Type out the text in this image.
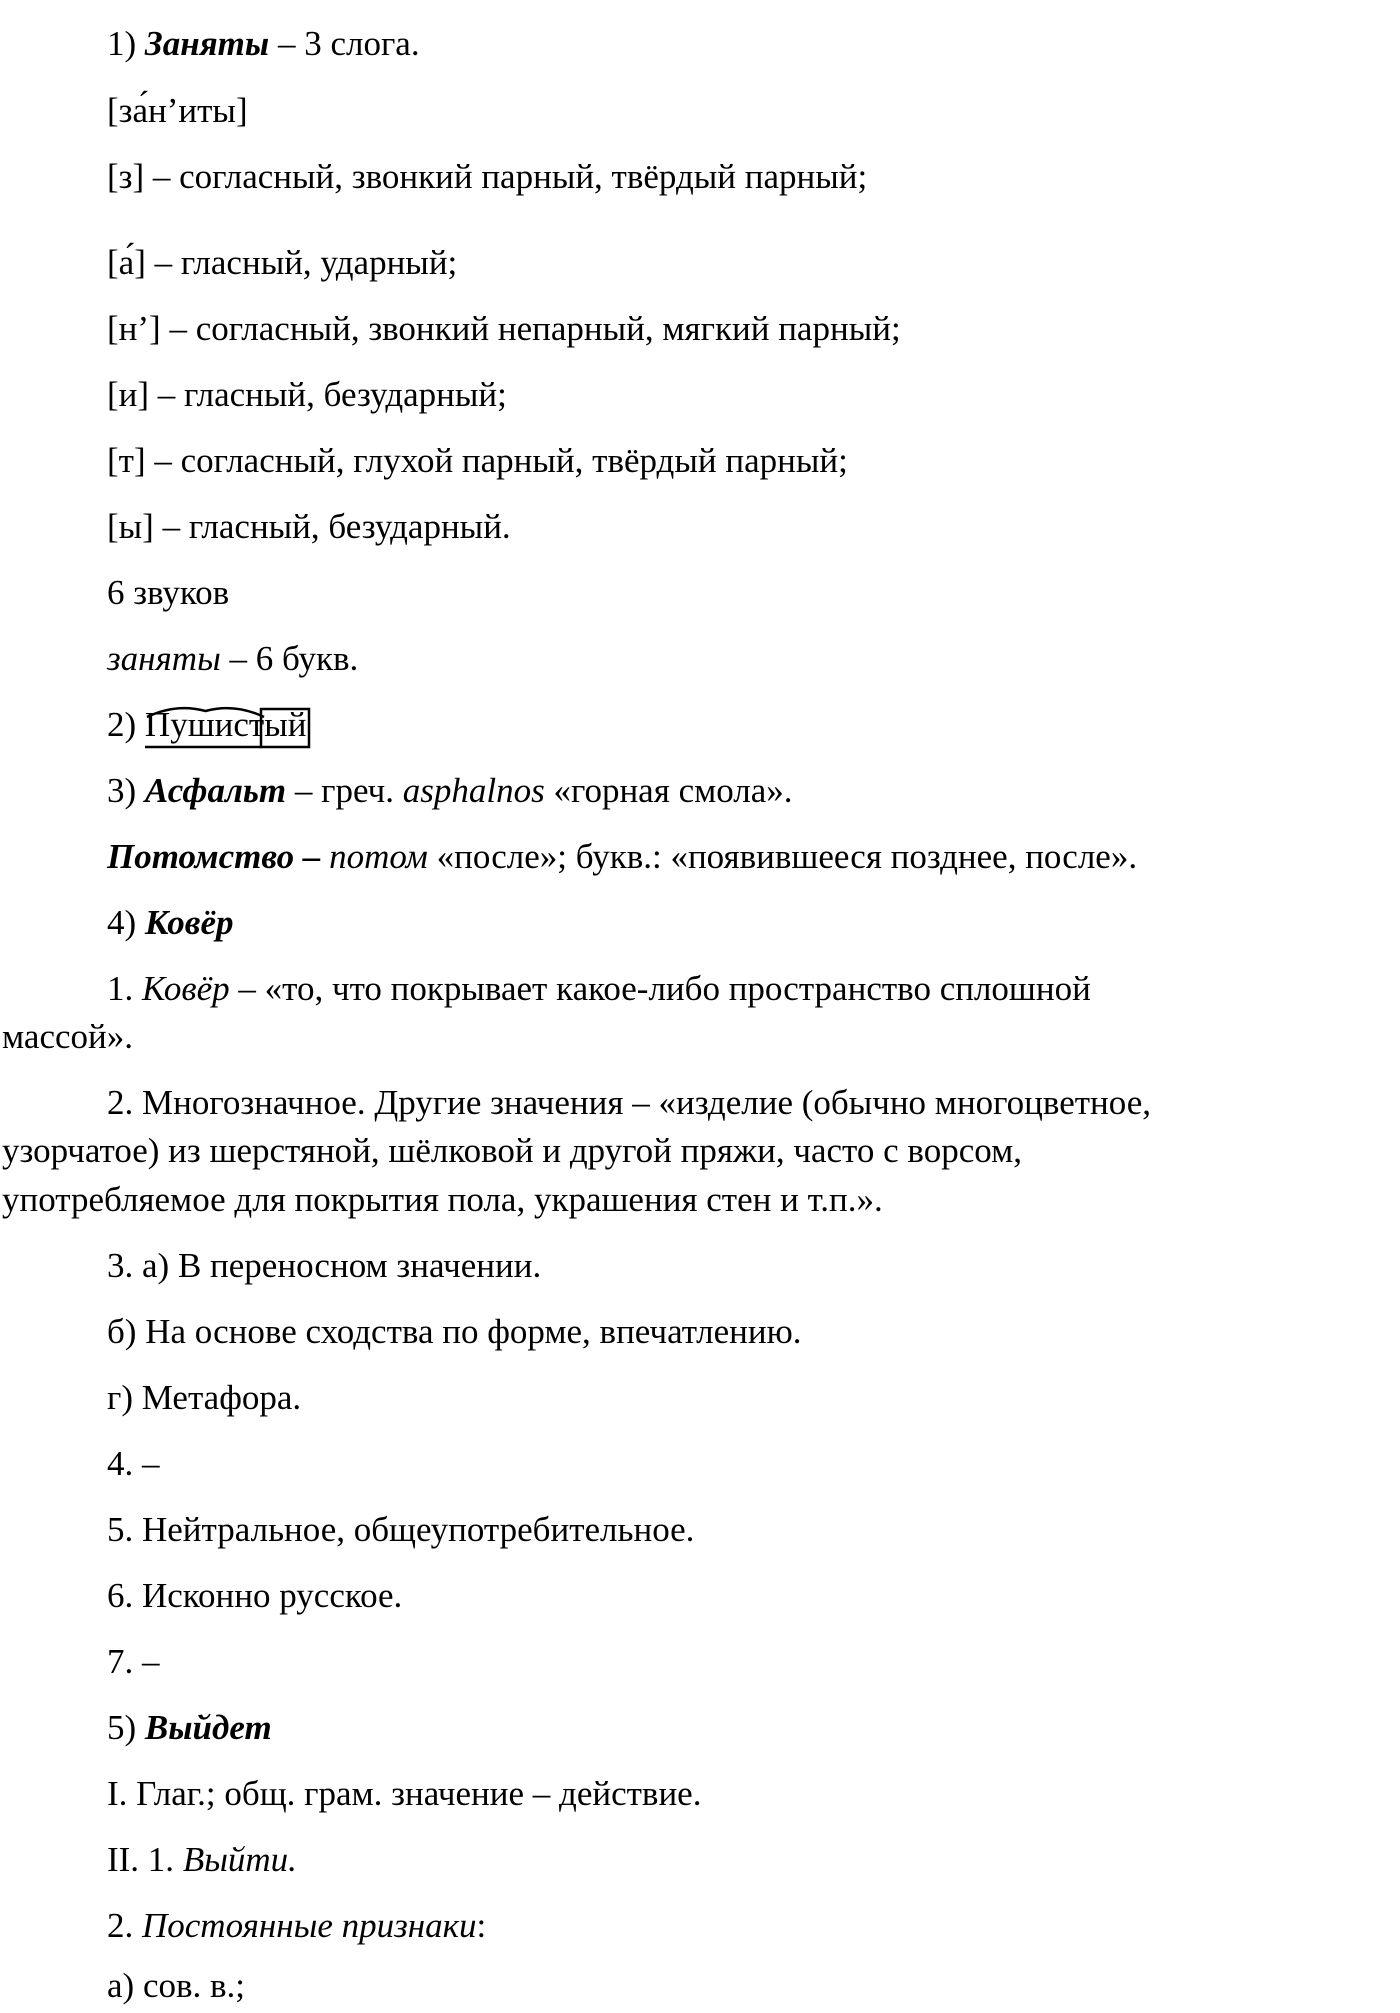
1) Заняты – 3 слога.
[за́н’иты]
[з] – согласный, звонкий парный, твёрдый парный;
[а́] – гласный, ударный;
[н’] – согласный, звонкий непарный, мягкий парный;
[и] – гласный, безударный;
[т] – согласный, глухой парный, твёрдый парный;
[ы] – гласный, безударный.
6 звуков
заняты – 6 букв.
2) Пушистый
3) Асфальт – греч. asphalnos «горная смола».
Потомство – потом «после»; букв.: «появившееся позднее, после».
4) Ковёр
1. Ковёр – «то, что покрывает какое-либо пространство сплошной
массой».
2. Многозначное. Другие значения – «изделие (обычно многоцветное,
узорчатое) из шерстяной, шёлковой и другой пряжи, часто с ворсом,
употребляемое для покрытия пола, украшения стен и т.п.».
3. а) В переносном значении.
б) На основе сходства по форме, впечатлению.
г) Метафора.
4. –
5. Нейтральное, общеупотребительное.
6. Исконно русское.
7. –
5) Выйдет
I. Глаг.; общ. грам. значение – действие.
II. 1. Выйти.
2. Постоянные признаки:
а) сов. в.;
